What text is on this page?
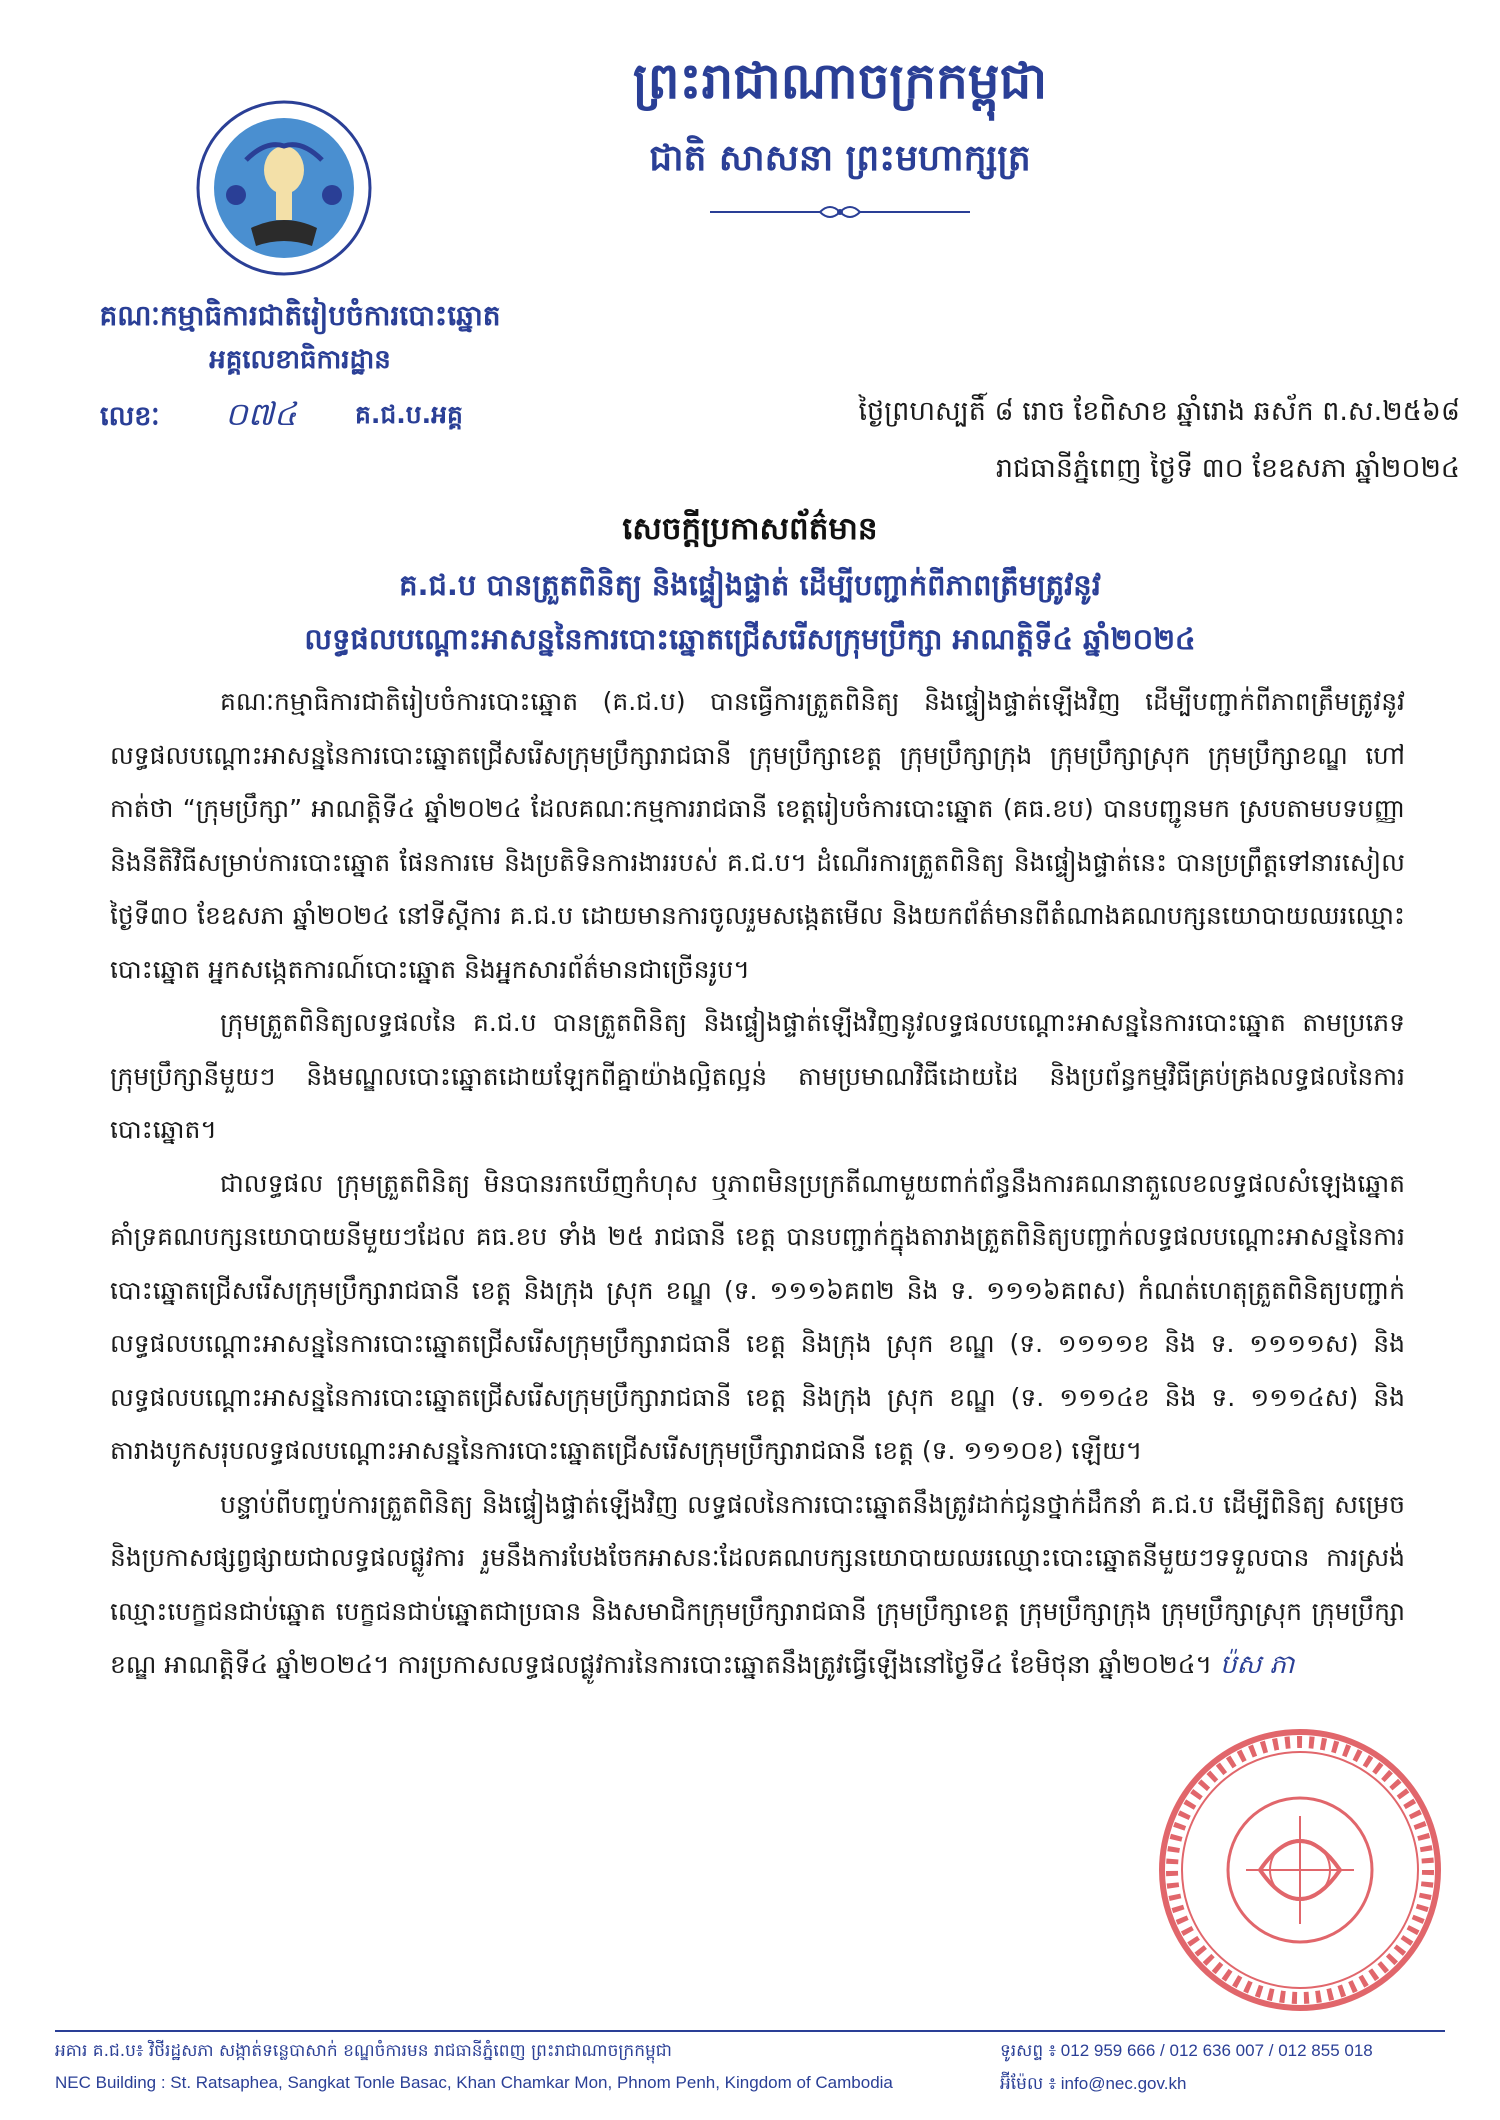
ព្រះរាជាណាចក្រកម្ពុជា
ជាតិ សាសនា ព្រះមហាក្សត្រ
គណៈកម្មាធិការជាតិរៀបចំការបោះឆ្នោត
អគ្គលេខាធិការដ្ឋាន
លេខៈ ០៧៤ គ.ជ.ប.អគ្គ	ថ្ងៃព្រហស្បតិ៍ ៨ រោច ខែពិសាខ ឆ្នាំរោង ឆស័ក ព.ស.២៥៦៨
រាជធានីភ្នំពេញ ថ្ងៃទី ៣០ ខែឧសភា ឆ្នាំ២០២៤
សេចក្តីប្រកាសព័ត៌មាន
គ.ជ.ប បានត្រួតពិនិត្យ និងផ្ទៀងផ្ទាត់ ដើម្បីបញ្ជាក់ពីភាពត្រឹមត្រូវនូវ
លទ្ធផលបណ្តោះអាសន្ននៃការបោះឆ្នោតជ្រើសរើសក្រុមប្រឹក្សា អាណត្តិទី៤ ឆ្នាំ២០២៤

គណៈកម្មាធិការជាតិរៀបចំការបោះឆ្នោត (គ.ជ.ប) បានធ្វើការត្រួតពិនិត្យ និងផ្ទៀងផ្ទាត់ឡើងវិញ ដើម្បីបញ្ជាក់ពីភាពត្រឹមត្រូវនូវលទ្ធផលបណ្តោះអាសន្ននៃការបោះឆ្នោតជ្រើសរើសក្រុមប្រឹក្សារាជធានី ក្រុមប្រឹក្សាខេត្ត ក្រុមប្រឹក្សាក្រុង ក្រុមប្រឹក្សាស្រុក ក្រុមប្រឹក្សាខណ្ឌ ហៅកាត់ថា “ក្រុមប្រឹក្សា” អាណត្តិទី៤ ឆ្នាំ២០២៤ ដែលគណៈកម្មការរាជធានី ខេត្តរៀបចំការបោះឆ្នោត (គធ.ខប) បានបញ្ជូនមក ស្របតាមបទបញ្ញា និងនីតិវិធីសម្រាប់ការបោះឆ្នោត ផែនការមេ និងប្រតិទិនការងាររបស់ គ.ជ.ប។ ដំណើរការត្រួតពិនិត្យ និងផ្ទៀងផ្ទាត់នេះ បានប្រព្រឹត្តទៅនារសៀលថ្ងៃទី៣០ ខែឧសភា ឆ្នាំ២០២៤ នៅទីស្តីការ គ.ជ.ប ដោយមានការចូលរួមសង្កេតមើល និងយកព័ត៌មានពីតំណាងគណបក្សនយោបាយឈរឈ្មោះបោះឆ្នោត អ្នកសង្កេតការណ៍បោះឆ្នោត និងអ្នកសារព័ត៌មានជាច្រើនរូប។

ក្រុមត្រួតពិនិត្យលទ្ធផលនៃ គ.ជ.ប បានត្រួតពិនិត្យ និងផ្ទៀងផ្ទាត់ឡើងវិញនូវលទ្ធផលបណ្តោះអាសន្ននៃការបោះឆ្នោត តាមប្រភេទក្រុមប្រឹក្សានីមួយៗ និងមណ្ឌលបោះឆ្នោតដោយឡែកពីគ្នាយ៉ាងល្អិតល្អន់ តាមប្រមាណវិធីដោយដៃ និងប្រព័ន្ធកម្មវិធីគ្រប់គ្រងលទ្ធផលនៃការបោះឆ្នោត។

ជាលទ្ធផល ក្រុមត្រួតពិនិត្យ មិនបានរកឃើញកំហុស ឬភាពមិនប្រក្រតីណាមួយពាក់ព័ន្ធនឹងការគណនាតួលេខលទ្ធផលសំឡេងឆ្នោតគាំទ្រគណបក្សនយោបាយនីមួយៗដែល គធ.ខប ទាំង ២៥ រាជធានី ខេត្ត បានបញ្ជាក់ក្នុងតារាងត្រួតពិនិត្យបញ្ជាក់លទ្ធផលបណ្តោះអាសន្ននៃការបោះឆ្នោតជ្រើសរើសក្រុមប្រឹក្សារាជធានី ខេត្ត និងក្រុង ស្រុក ខណ្ឌ (ទ. ១១១៦គព២ និង ទ. ១១១៦គពស) កំណត់ហេតុត្រួតពិនិត្យបញ្ជាក់លទ្ធផលបណ្តោះអាសន្ននៃការបោះឆ្នោតជ្រើសរើសក្រុមប្រឹក្សារាជធានី ខេត្ត និងក្រុង ស្រុក ខណ្ឌ (ទ. ១១១១ខ និង ទ. ១១១១ស) និងលទ្ធផលបណ្តោះអាសន្ននៃការបោះឆ្នោតជ្រើសរើសក្រុមប្រឹក្សារាជធានី ខេត្ត និងក្រុង ស្រុក ខណ្ឌ (ទ. ១១១៤ខ និង ទ. ១១១៤ស) និងតារាងបូកសរុបលទ្ធផលបណ្តោះអាសន្ននៃការបោះឆ្នោតជ្រើសរើសក្រុមប្រឹក្សារាជធានី ខេត្ត (ទ. ១១១០ខ) ឡើយ។

បន្ទាប់ពីបញ្ចប់ការត្រួតពិនិត្យ និងផ្ទៀងផ្ទាត់ឡើងវិញ លទ្ធផលនៃការបោះឆ្នោតនឹងត្រូវដាក់ជូនថ្នាក់ដឹកនាំ គ.ជ.ប ដើម្បីពិនិត្យ សម្រេច និងប្រកាសផ្សព្វផ្សាយជាលទ្ធផលផ្លូវការ រួមនឹងការបែងចែកអាសនៈដែលគណបក្សនយោបាយឈរឈ្មោះបោះឆ្នោតនីមួយៗទទួលបាន ការស្រង់ឈ្មោះបេក្ខជនជាប់ឆ្នោត បេក្ខជនជាប់ឆ្នោតជាប្រធាន និងសមាជិកក្រុមប្រឹក្សារាជធានី ក្រុមប្រឹក្សាខេត្ត ក្រុមប្រឹក្សាក្រុង ក្រុមប្រឹក្សាស្រុក ក្រុមប្រឹក្សាខណ្ឌ អាណត្តិទី៤ ឆ្នាំ២០២៤។ ការប្រកាសលទ្ធផលផ្លូវការនៃការបោះឆ្នោតនឹងត្រូវធ្វើឡើងនៅថ្ងៃទី៤ ខែមិថុនា ឆ្នាំ២០២៤។ ប៉ស ភា

អគារ គ.ជ.ប៖ វិថីរដ្ឋសភា សង្កាត់ទន្លេបាសាក់ ខណ្ឌចំការមន រាជធានីភ្នំពេញ ព្រះរាជាណាចក្រកម្ពុជា
NEC Building : St. Ratsaphea, Sangkat Tonle Basac, Khan Chamkar Mon, Phnom Penh, Kingdom of Cambodia
ទូរសព្ទ ៖ 012 959 666 / 012 636 007 / 012 855 018
អ៊ីម៉ែល ៖ info@nec.gov.kh
